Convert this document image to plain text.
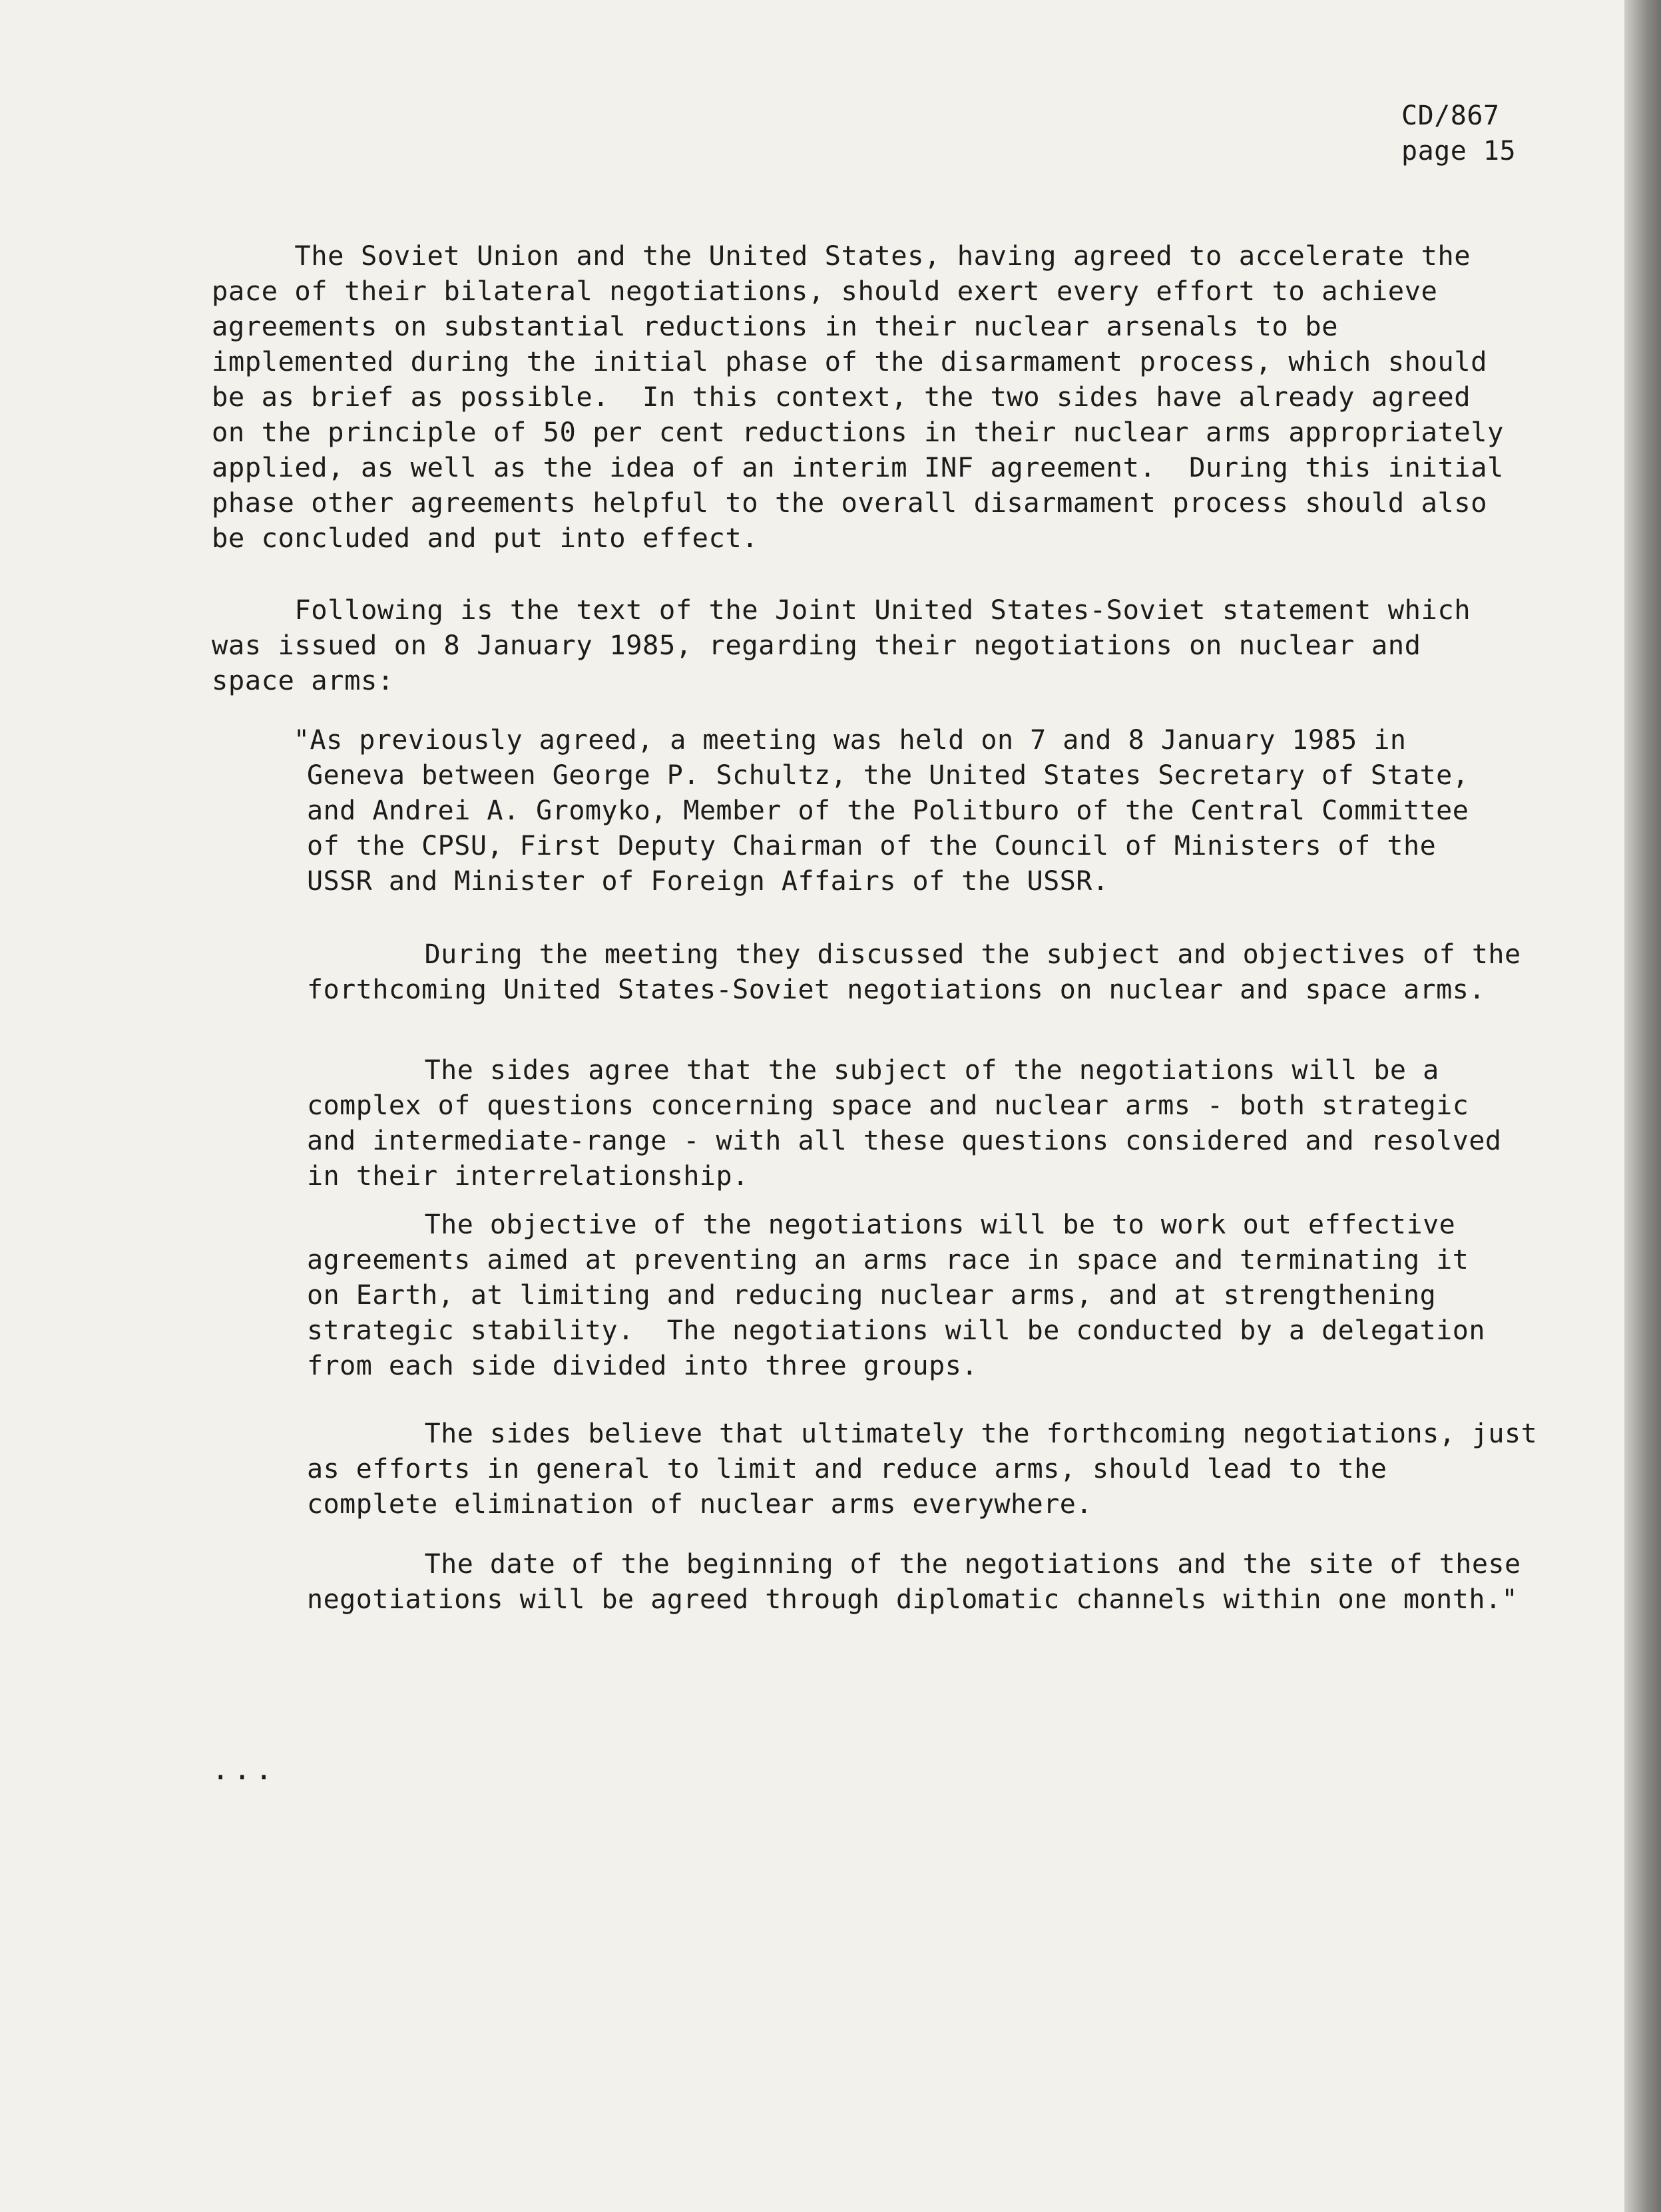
CD/867
page 15
The Soviet Union and the United States, having agreed to accelerate the
pace of their bilateral negotiations, should exert every effort to achieve
agreements on substantial reductions in their nuclear arsenals to be
implemented during the initial phase of the disarmament process, which should
be as brief as possible.  In this context, the two sides have already agreed
on the principle of 50 per cent reductions in their nuclear arms appropriately
applied, as well as the idea of an interim INF agreement.  During this initial
phase other agreements helpful to the overall disarmament process should also
be concluded and put into effect.
Following is the text of the Joint United States-Soviet statement which
was issued on 8 January 1985, regarding their negotiations on nuclear and
space arms:
"As previously agreed, a meeting was held on 7 and 8 January 1985 in
Geneva between George P. Schultz, the United States Secretary of State,
and Andrei A. Gromyko, Member of the Politburo of the Central Committee
of the CPSU, First Deputy Chairman of the Council of Ministers of the
USSR and Minister of Foreign Affairs of the USSR.
During the meeting they discussed the subject and objectives of the
forthcoming United States-Soviet negotiations on nuclear and space arms.
The sides agree that the subject of the negotiations will be a
complex of questions concerning space and nuclear arms - both strategic
and intermediate-range - with all these questions considered and resolved
in their interrelationship.
The objective of the negotiations will be to work out effective
agreements aimed at preventing an arms race in space and terminating it
on Earth, at limiting and reducing nuclear arms, and at strengthening
strategic stability.  The negotiations will be conducted by a delegation
from each side divided into three groups.
The sides believe that ultimately the forthcoming negotiations, just
as efforts in general to limit and reduce arms, should lead to the
complete elimination of nuclear arms everywhere.
The date of the beginning of the negotiations and the site of these
negotiations will be agreed through diplomatic channels within one month."
...
